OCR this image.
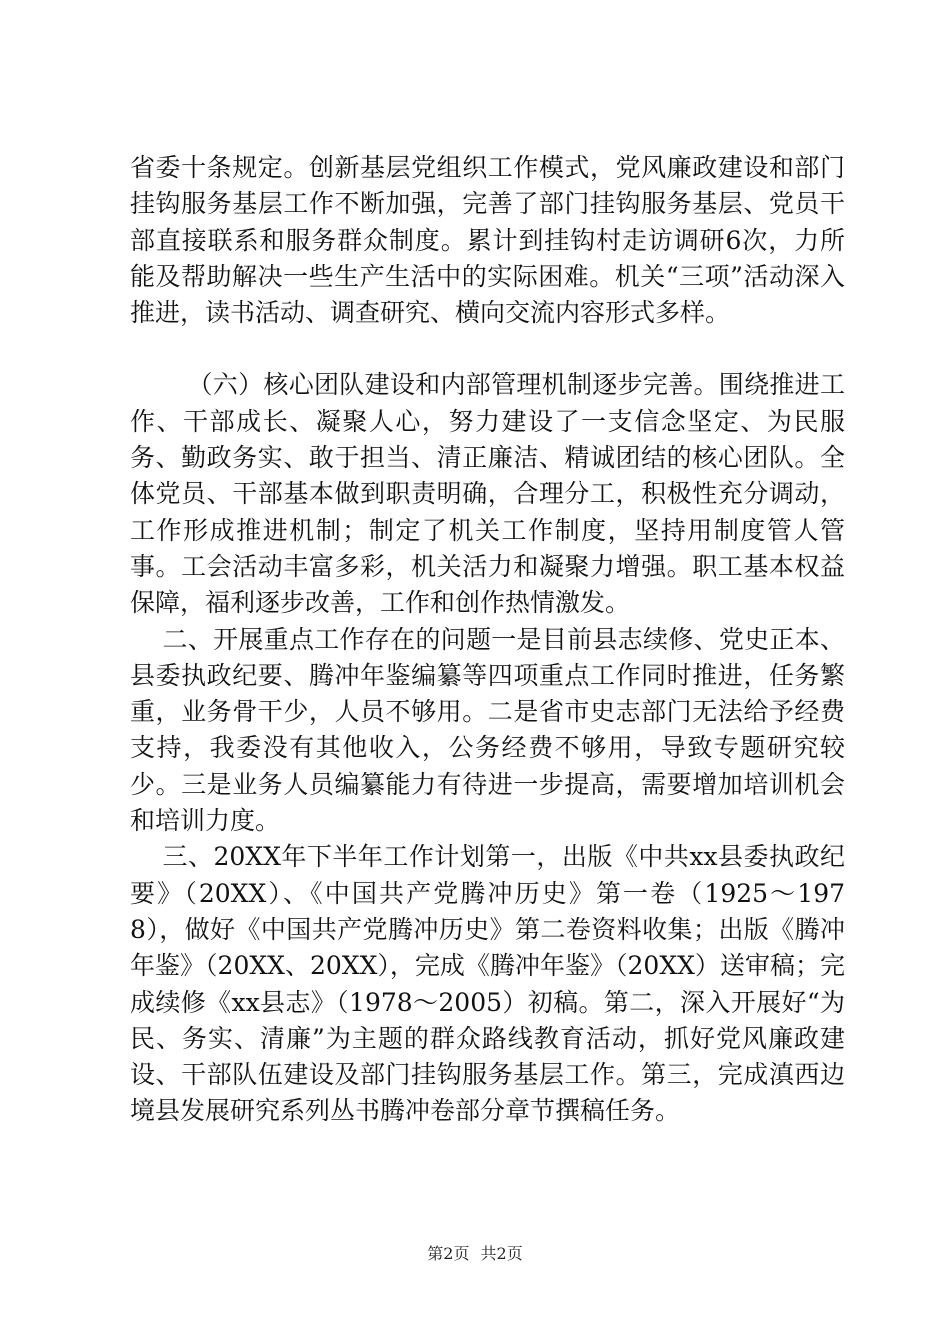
省委十条规定。创新基层党组织工作模式，党风廉政建设和部门挂钩服务基层工作不断加强，完善了部门挂钩服务基层、党员干部直接联系和服务群众制度。累计到挂钩村走访调研6次，力所能及帮助解决一些生产生活中的实际困难。机关“三项”活动深入推进，读书活动、调查研究、横向交流内容形式多样。

（六）核心团队建设和内部管理机制逐步完善。围绕推进工作、干部成长、凝聚人心，努力建设了一支信念坚定、为民服务、勤政务实、敢于担当、清正廉洁、精诚团结的核心团队。全体党员、干部基本做到职责明确，合理分工，积极性充分调动，工作形成推进机制；制定了机关工作制度，坚持用制度管人管事。工会活动丰富多彩，机关活力和凝聚力增强。职工基本权益保障，福利逐步改善，工作和创作热情激发。

二、开展重点工作存在的问题一是目前县志续修、党史正本、县委执政纪要、腾冲年鉴编纂等四项重点工作同时推进，任务繁重，业务骨干少，人员不够用。二是省市史志部门无法给予经费支持，我委没有其他收入，公务经费不够用，导致专题研究较少。三是业务人员编纂能力有待进一步提高，需要增加培训机会和培训力度。

三、20XX年下半年工作计划第一，出版《中共xx县委执政纪要》（20XX）、《中国共产党腾冲历史》第一卷（1925～1978），做好《中国共产党腾冲历史》第二卷资料收集；出版《腾冲年鉴》（20XX、20XX），完成《腾冲年鉴》（20XX）送审稿；完成续修《xx县志》（1978～2005）初稿。第二，深入开展好“为民、务实、清廉”为主题的群众路线教育活动，抓好党风廉政建设、干部队伍建设及部门挂钩服务基层工作。第三，完成滇西边境县发展研究系列丛书腾冲卷部分章节撰稿任务。

第2页 共2页
